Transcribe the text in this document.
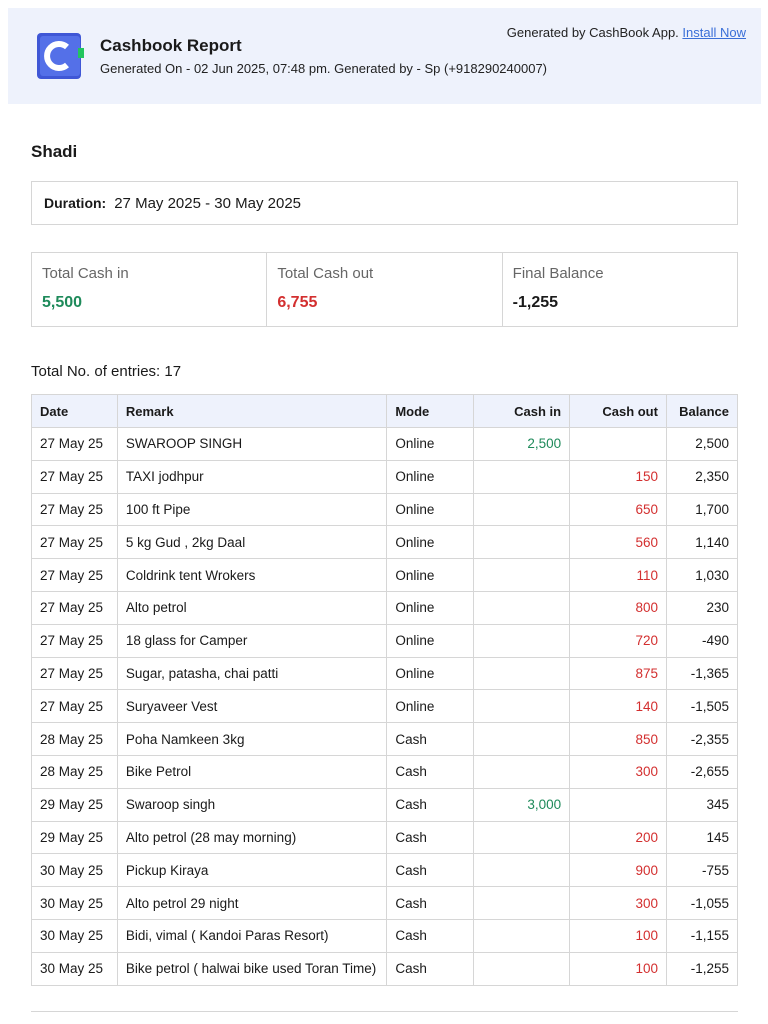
Cashbook Report
Generated On - 02 Jun 2025, 07:48 pm. Generated by - Sp (+918290240007)
Generated by CashBook App. Install Now
Shadi
Duration: 27 May 2025 - 30 May 2025
Total Cash in
5,500
Total Cash out
6,755
Final Balance
-1,255
Total No. of entries: 17
Date	Remark	Mode	Cash in	Cash out	Balance
27 May 25	SWAROOP SINGH	Online	2,500		2,500
27 May 25	TAXI jodhpur	Online		150	2,350
27 May 25	100 ft Pipe	Online		650	1,700
27 May 25	5 kg Gud , 2kg Daal	Online		560	1,140
27 May 25	Coldrink tent Wrokers	Online		110	1,030
27 May 25	Alto petrol	Online		800	230
27 May 25	18 glass for Camper	Online		720	-490
27 May 25	Sugar, patasha, chai patti	Online		875	-1,365
27 May 25	Suryaveer Vest	Online		140	-1,505
28 May 25	Poha Namkeen 3kg	Cash		850	-2,355
28 May 25	Bike Petrol	Cash		300	-2,655
29 May 25	Swaroop singh	Cash	3,000		345
29 May 25	Alto petrol (28 may morning)	Cash		200	145
30 May 25	Pickup Kiraya	Cash		900	-755
30 May 25	Alto petrol 29 night	Cash		300	-1,055
30 May 25	Bidi, vimal ( Kandoi Paras Resort)	Cash		100	-1,155
30 May 25	Bike petrol ( halwai bike used Toran Time)	Cash		100	-1,255
